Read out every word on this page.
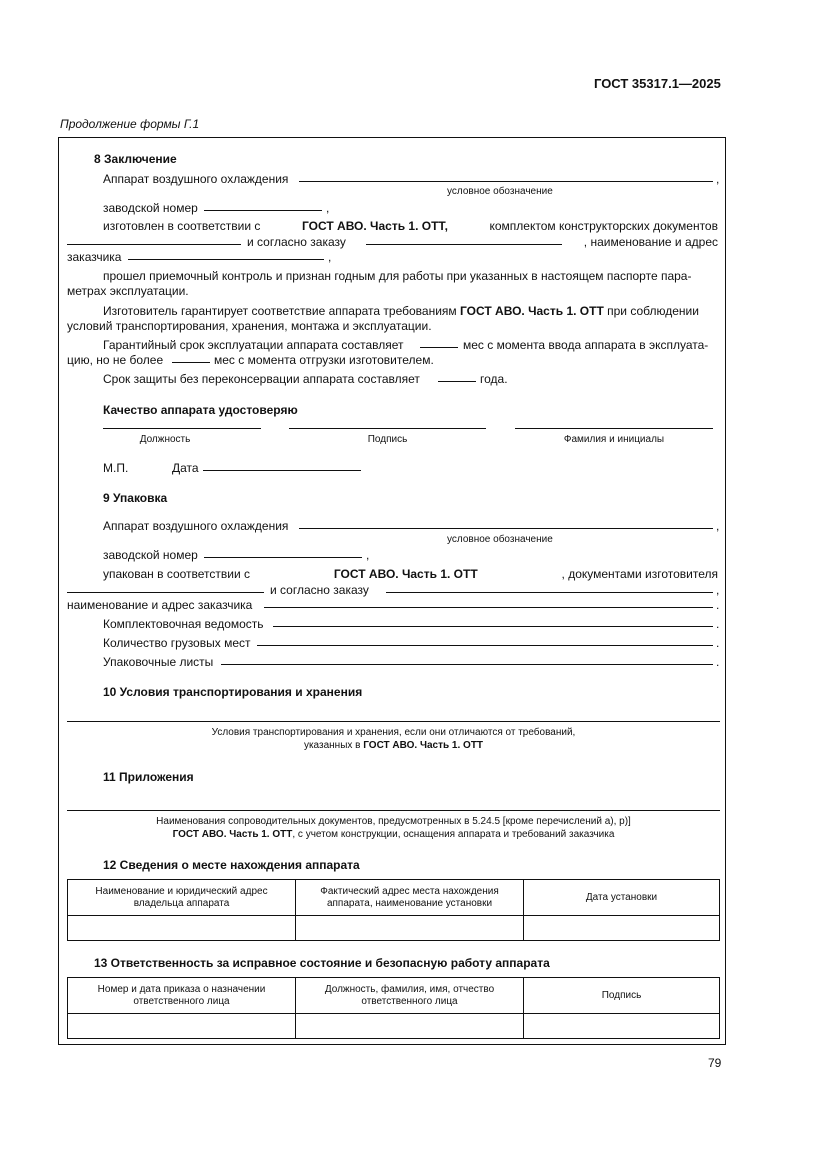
ГОСТ 35317.1—2025
Продолжение формы Г.1
8 Заключение
Аппарат воздушного охлаждения	,
условное обозначение
заводской номер	,
изготовлен в соответствии с	ГОСТ АВО. Часть 1. ОТТ,	комплектом конструкторских документов
и согласно заказу	, наименование и адрес
заказчика	,
прошел приемочный контроль и признан годным для работы при указанных в настоящем паспорте пара-
метрах эксплуатации.
Изготовитель гарантирует соответствие аппарата требованиям ГОСТ АВО. Часть 1. ОТТ при соблюдении
условий транспортирования, хранения, монтажа и эксплуатации.
Гарантийный срок эксплуатации аппарата составляет	мес с момента ввода аппарата в эксплуата-
цию, но не более	мес с момента отгрузки изготовителем.
Срок защиты без переконсервации аппарата составляет	года.
Качество аппарата удостоверяю
Должность	Подпись	Фамилия и инициалы
М.П.	Дата
9 Упаковка
Аппарат воздушного охлаждения	,
условное обозначение
заводской номер	,
упакован в соответствии с	ГОСТ АВО. Часть 1. ОТТ	, документами изготовителя
и согласно заказу	,
наименование и адрес заказчика	.
Комплектовочная ведомость	.
Количество грузовых мест	.
Упаковочные листы	.
10 Условия транспортирования и хранения
Условия транспортирования и хранения, если они отличаются от требований,
указанных в ГОСТ АВО. Часть 1. ОТТ
11 Приложения
Наименования сопроводительных документов, предусмотренных в 5.24.5 [кроме перечислений а), р)]
ГОСТ АВО. Часть 1. ОТТ, с учетом конструкции, оснащения аппарата и требований заказчика
12 Сведения о месте нахождения аппарата
Наименование и юридический адрес владельца аппарата	Фактический адрес места нахождения аппарата, наименование установки	Дата установки

13 Ответственность за исправное состояние и безопасную работу аппарата
Номер и дата приказа о назначении ответственного лица	Должность, фамилия, имя, отчество ответственного лица	Подпись

79
